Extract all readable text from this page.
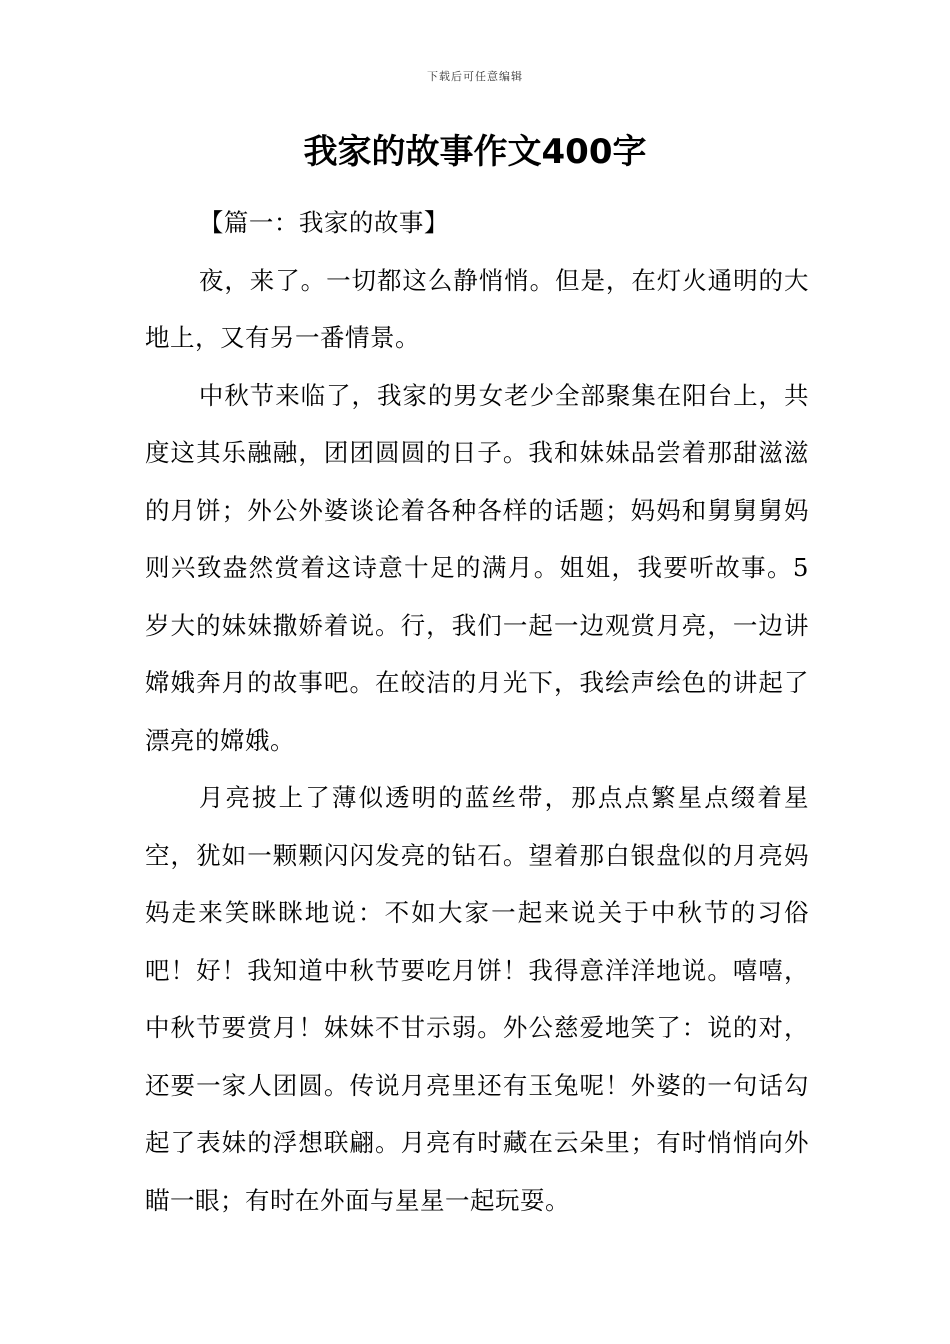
下载后可任意编辑
我家的故事作文400字

【篇一：我家的故事】

夜，来了。一切都这么静悄悄。但是，在灯火通明的大地上，又有另一番情景。

中秋节来临了，我家的男女老少全部聚集在阳台上，共度这其乐融融，团团圆圆的日子。我和妹妹品尝着那甜滋滋的月饼；外公外婆谈论着各种各样的话题；妈妈和舅舅舅妈则兴致盎然赏着这诗意十足的满月。姐姐，我要听故事。5岁大的妹妹撒娇着说。行，我们一起一边观赏月亮，一边讲嫦娥奔月的故事吧。在皎洁的月光下，我绘声绘色的讲起了漂亮的嫦娥。

月亮披上了薄似透明的蓝丝带，那点点繁星点缀着星空，犹如一颗颗闪闪发亮的钻石。望着那白银盘似的月亮妈妈走来笑眯眯地说：不如大家一起来说关于中秋节的习俗吧！好！我知道中秋节要吃月饼！我得意洋洋地说。嘻嘻，中秋节要赏月！妹妹不甘示弱。外公慈爱地笑了：说的对，还要一家人团圆。传说月亮里还有玉兔呢！外婆的一句话勾起了表妹的浮想联翩。月亮有时藏在云朵里；有时悄悄向外瞄一眼；有时在外面与星星一起玩耍。
